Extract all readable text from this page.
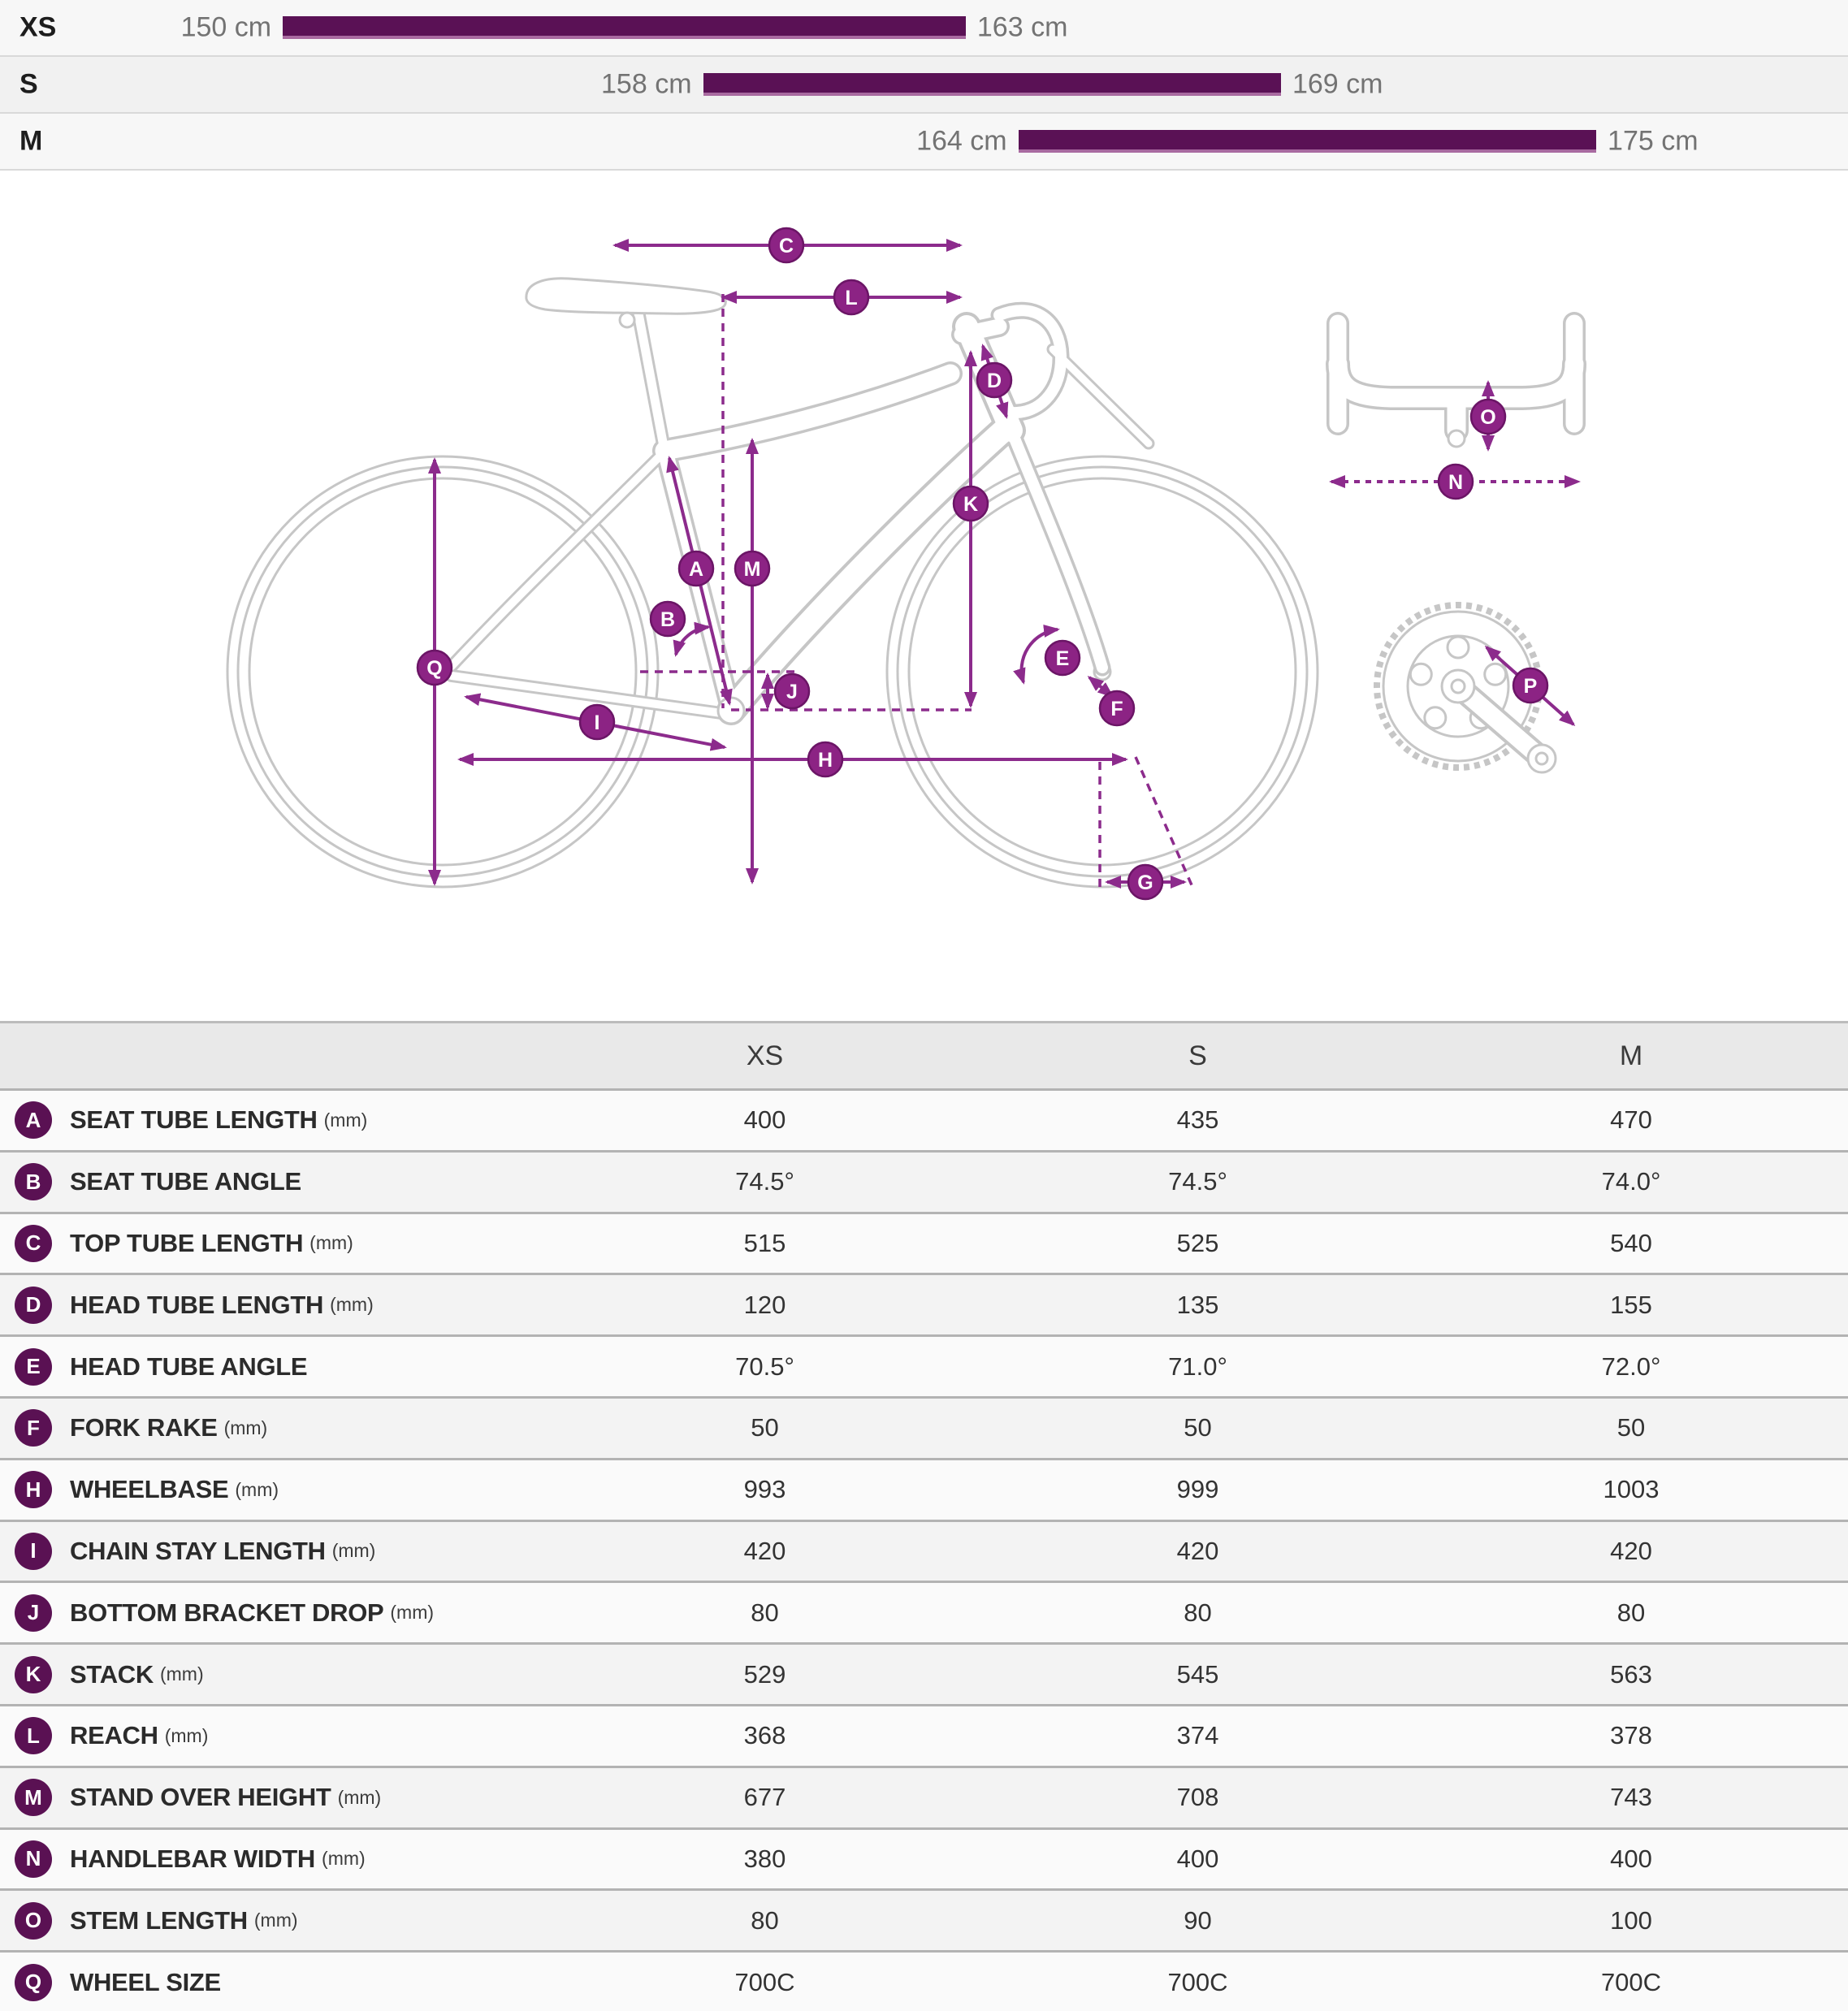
XS	150 cm	163 cm
S	158 cm	169 cm
M	164 cm	175 cm
A
B
C
D
E
F
G
H
I
J
K
L
M
N
O
P
Q
XS	S	M
A	SEAT TUBE LENGTH (mm)	400	435	470
B	SEAT TUBE ANGLE	74.5°	74.5°	74.0°
C	TOP TUBE LENGTH (mm)	515	525	540
D	HEAD TUBE LENGTH (mm)	120	135	155
E	HEAD TUBE ANGLE	70.5°	71.0°	72.0°
F	FORK RAKE (mm)	50	50	50
H	WHEELBASE (mm)	993	999	1003
I	CHAIN STAY LENGTH (mm)	420	420	420
J	BOTTOM BRACKET DROP (mm)	80	80	80
K	STACK (mm)	529	545	563
L	REACH (mm)	368	374	378
M	STAND OVER HEIGHT (mm)	677	708	743
N	HANDLEBAR WIDTH (mm)	380	400	400
O	STEM LENGTH (mm)	80	90	100
Q	WHEEL SIZE	700C	700C	700C
